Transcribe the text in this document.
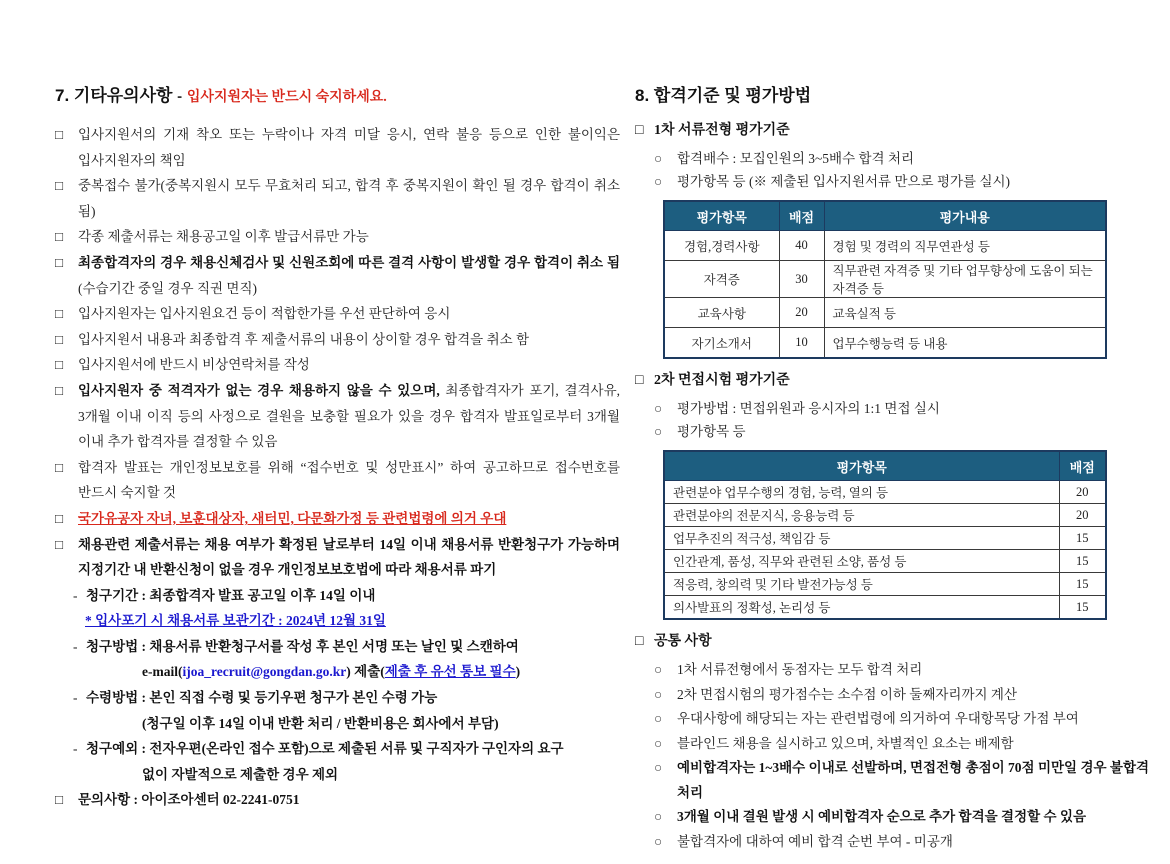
7. 기타유의사항 - 입사지원자는 반드시 숙지하세요.
□	입사지원서의 기재 착오 또는 누락이나 자격 미달 응시, 연락 불응 등으로 인한 불이익은 입사지원자의 책임
□	중복접수 불가(중복지원시 모두 무효처리 되고, 합격 후 중복지원이 확인 될 경우 합격이 취소 됨)
□	각종 제출서류는 채용공고일 이후 발급서류만 가능
□	최종합격자의 경우 채용신체검사 및 신원조회에 따른 결격 사항이 발생할 경우 합격이 취소 됨(수습기간 중일 경우 직권 면직)
□	입사지원자는 입사지원요건 등이 적합한가를 우선 판단하여 응시
□	입사지원서 내용과 최종합격 후 제출서류의 내용이 상이할 경우 합격을 취소 함
□	입사지원서에 반드시 비상연락처를 작성
□	입사지원자 중 적격자가 없는 경우 채용하지 않을 수 있으며, 최종합격자가 포기, 결격사유, 3개월 이내 이직 등의 사정으로 결원을 보충할 필요가 있을 경우 합격자 발표일로부터 3개월 이내 추가 합격자를 결정할 수 있음
□	합격자 발표는 개인정보보호를 위해 “접수번호 및 성만표시” 하여 공고하므로 접수번호를 반드시 숙지할 것
□	국가유공자 자녀, 보훈대상자, 새터민, 다문화가정 등 관련법령에 의거 우대
□	채용관련 제출서류는 채용 여부가 확정된 날로부터 14일 이내 채용서류 반환청구가 가능하며 지정기간 내 반환신청이 없을 경우 개인정보보호법에 따라 채용서류 파기
- 청구기간 : 최종합격자 발표 공고일 이후 14일 이내
* 입사포기 시 채용서류 보관기간 : 2024년 12월 31일
- 청구방법 : 채용서류 반환청구서를 작성 후 본인 서명 또는 날인 및 스캔하여
e-mail(ijoa_recruit@gongdan.go.kr) 제출(제출 후 유선 통보 필수)
- 수령방법 : 본인 직접 수령 및 등기우편 청구가 본인 수령 가능
(청구일 이후 14일 이내 반환 처리 / 반환비용은 회사에서 부담)
- 청구예외 : 전자우편(온라인 접수 포함)으로 제출된 서류 및 구직자가 구인자의 요구
없이 자발적으로 제출한 경우 제외
□	문의사항 : 아이조아센터 02-2241-0751
8. 합격기준 및 평가방법
□ 1차 서류전형 평가기준
○	합격배수 : 모집인원의 3~5배수 합격 처리
○	평가항목 등 (※ 제출된 입사지원서류 만으로 평가를 실시)
평가항목	배점	평가내용
경험,경력사항	40	경험 및 경력의 직무연관성 등
자격증	30	직무관련 자격증 및 기타 업무향상에 도움이 되는 자격증 등
교육사항	20	교육실적 등
자기소개서	10	업무수행능력 등 내용
□ 2차 면접시험 평가기준
○	평가방법 : 면접위원과 응시자의 1:1 면접 실시
○	평가항목 등
평가항목	배점
관련분야 업무수행의 경험, 능력, 열의 등	20
관련분야의 전문지식, 응용능력 등	20
업무추진의 적극성, 책임감 등	15
인간관계, 품성, 직무와 관련된 소양, 품성 등	15
적응력, 창의력 및 기타 발전가능성 등	15
의사발표의 정확성, 논리성 등	15
□ 공통 사항
○	1차 서류전형에서 동점자는 모두 합격 처리
○	2차 면접시험의 평가점수는 소수점 이하 둘째자리까지 계산
○	우대사항에 해당되는 자는 관련법령에 의거하여 우대항목당 가점 부여
○	블라인드 채용을 실시하고 있으며, 차별적인 요소는 배제함
○	예비합격자는 1~3배수 이내로 선발하며, 면접전형 총점이 70점 미만일 경우 불합격 처리
○	3개월 이내 결원 발생 시 예비합격자 순으로 추가 합격을 결정할 수 있음
○	불합격자에 대하여 예비 합격 순번 부여 - 미공개
